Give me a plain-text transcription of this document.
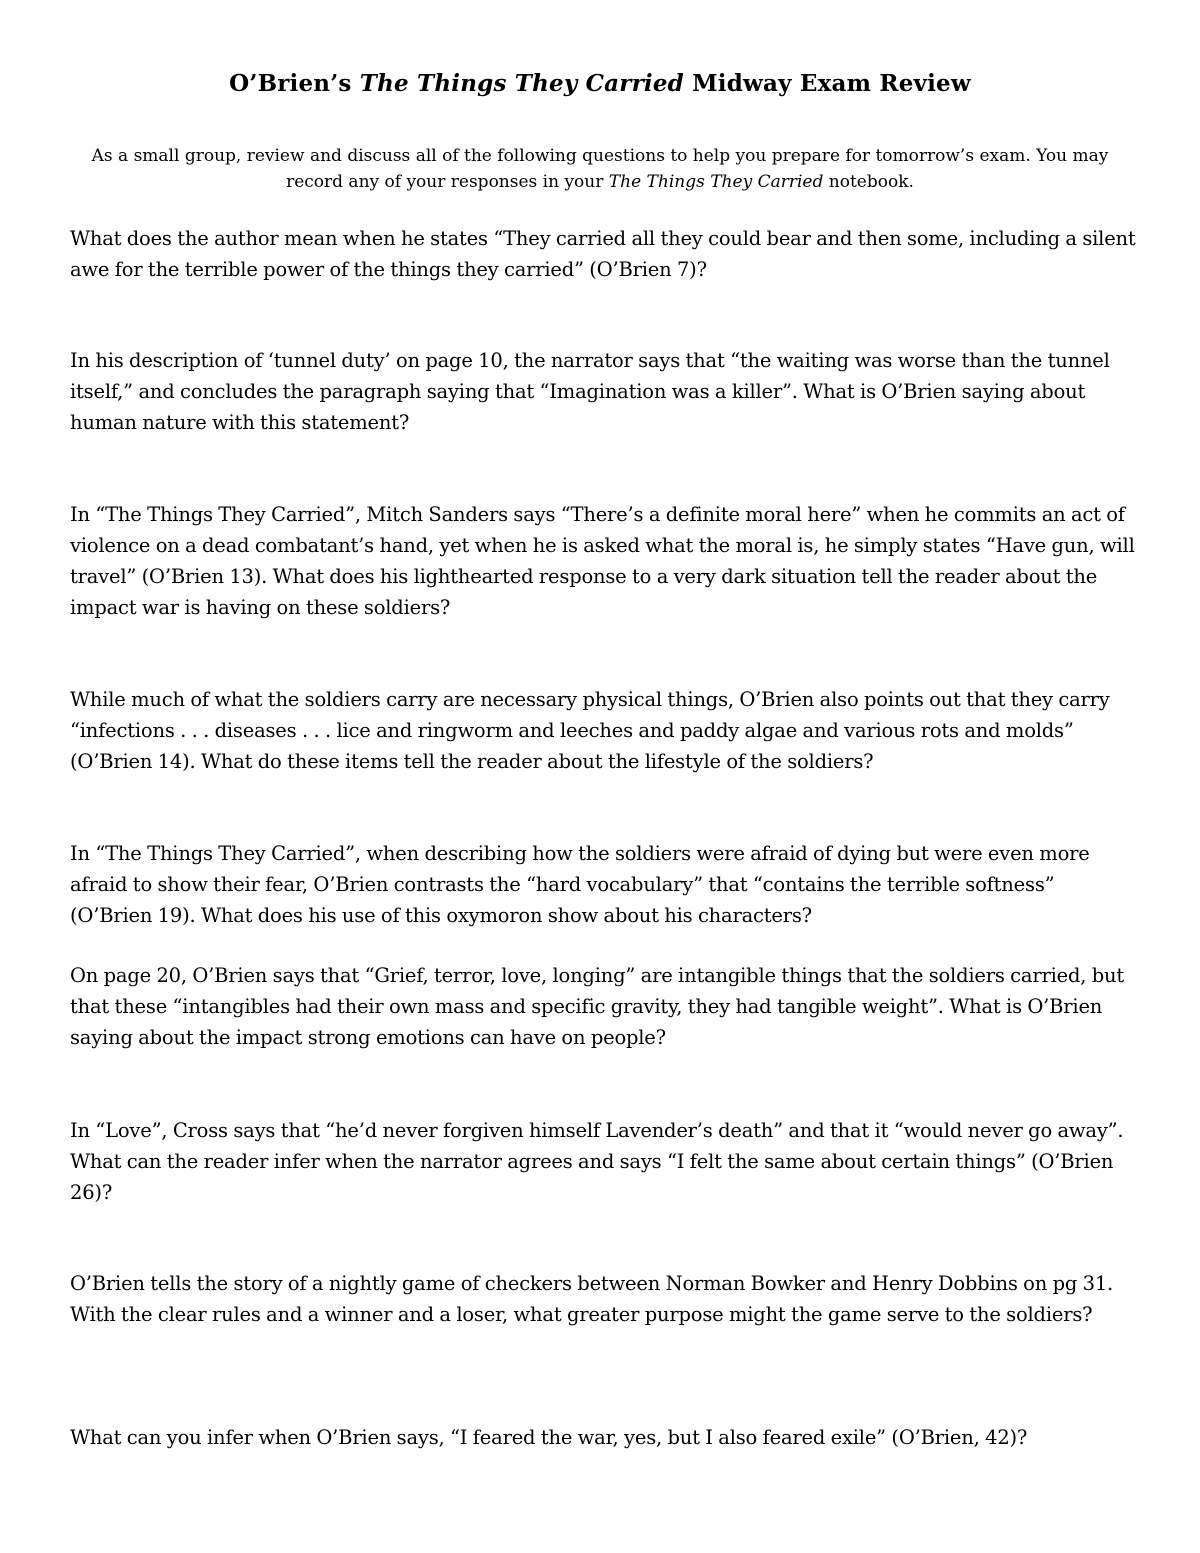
O’Brien’s The Things They Carried Midway Exam Review
As a small group, review and discuss all of the following questions to help you prepare for tomorrow’s exam. You may record any of your responses in your The Things They Carried notebook.
What does the author mean when he states “They carried all they could bear and then some, including a silent awe for the terrible power of the things they carried” (O’Brien 7)?
In his description of ‘tunnel duty’ on page 10, the narrator says that “the waiting was worse than the tunnel itself,” and concludes the paragraph saying that “Imagination was a killer”. What is O’Brien saying about human nature with this statement?
In “The Things They Carried”, Mitch Sanders says “There’s a definite moral here” when he commits an act of violence on a dead combatant’s hand, yet when he is asked what the moral is, he simply states “Have gun, will travel” (O’Brien 13). What does his lighthearted response to a very dark situation tell the reader about the impact war is having on these soldiers?
While much of what the soldiers carry are necessary physical things, O’Brien also points out that they carry “infections . . . diseases . . . lice and ringworm and leeches and paddy algae and various rots and molds” (O’Brien 14). What do these items tell the reader about the lifestyle of the soldiers?
In “The Things They Carried”, when describing how the soldiers were afraid of dying but were even more afraid to show their fear, O’Brien contrasts the “hard vocabulary” that “contains the terrible softness” (O’Brien 19). What does his use of this oxymoron show about his characters?
On page 20, O’Brien says that “Grief, terror, love, longing” are intangible things that the soldiers carried, but that these “intangibles had their own mass and specific gravity, they had tangible weight”. What is O’Brien saying about the impact strong emotions can have on people?
In “Love”, Cross says that “he’d never forgiven himself Lavender’s death” and that it “would never go away”. What can the reader infer when the narrator agrees and says “I felt the same about certain things” (O’Brien 26)?
O’Brien tells the story of a nightly game of checkers between Norman Bowker and Henry Dobbins on pg 31. With the clear rules and a winner and a loser, what greater purpose might the game serve to the soldiers?
What can you infer when O’Brien says, “I feared the war, yes, but I also feared exile” (O’Brien, 42)?
